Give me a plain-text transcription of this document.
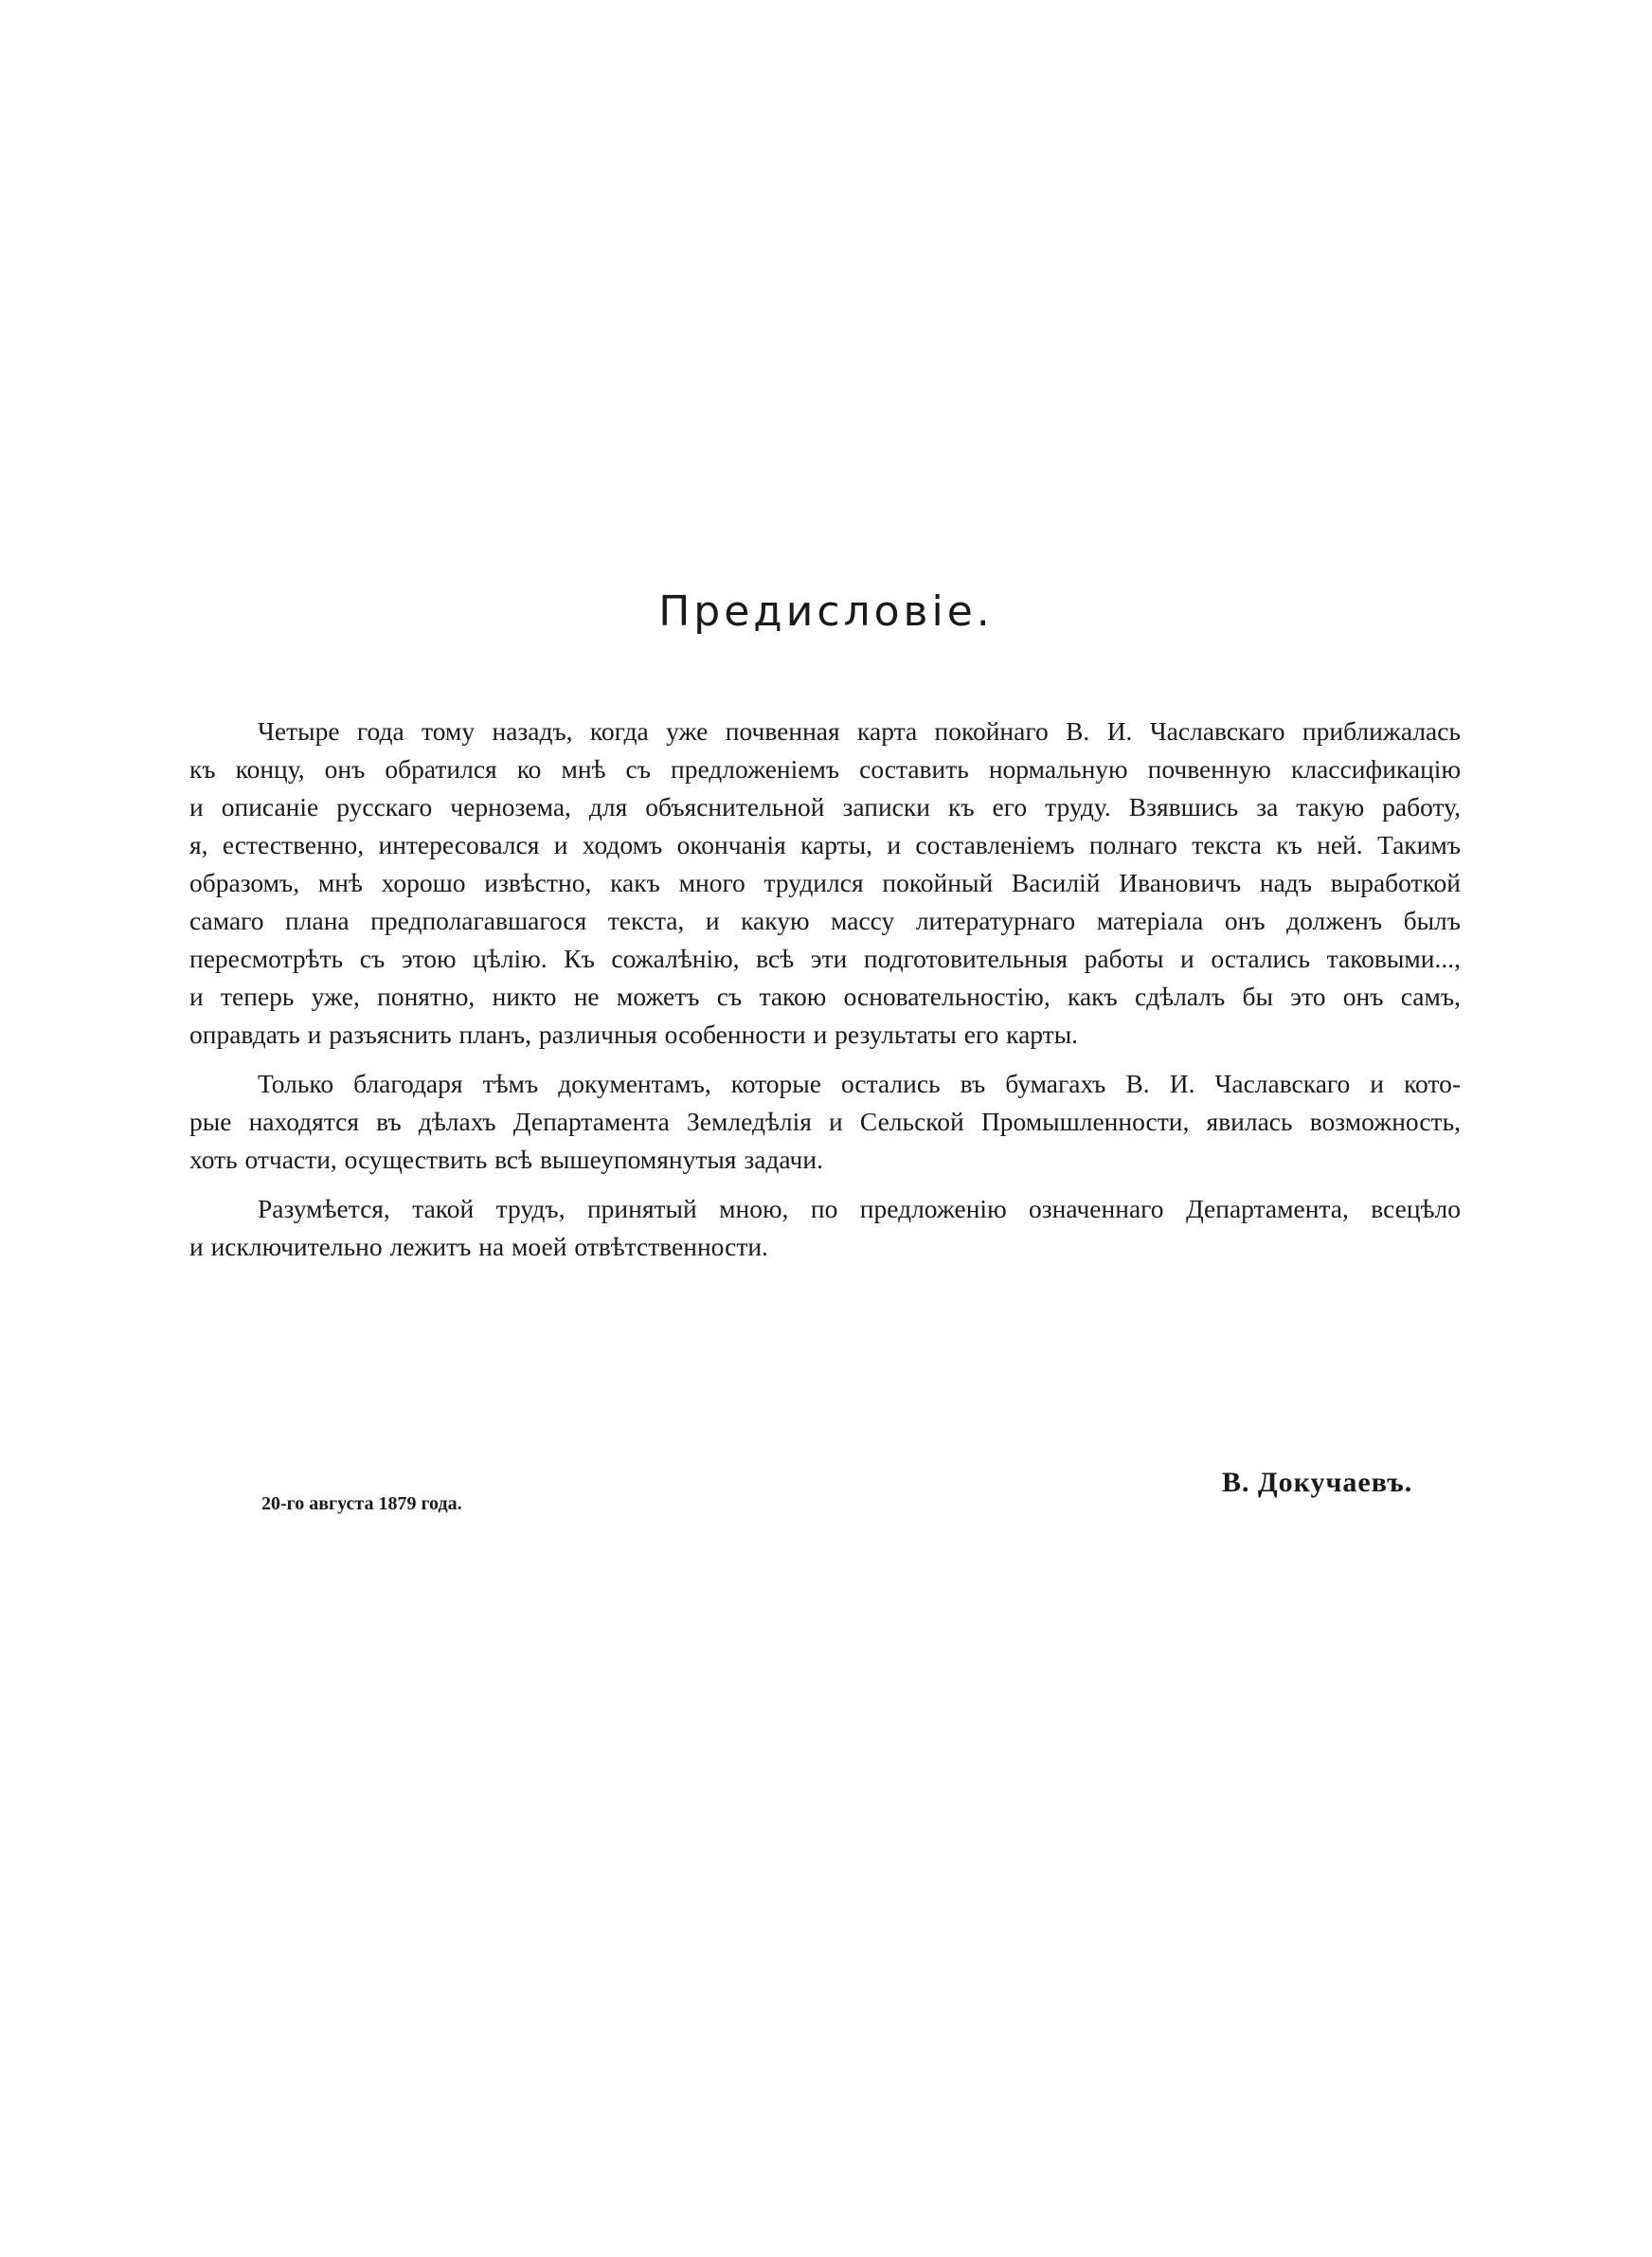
Предисловіе.
Четыре года тому назадъ, когда уже почвенная карта покойнаго В. И. Чаславскаго приближалась
къ концу, онъ обратился ко мнѣ съ предложеніемъ составить нормальную почвенную классификацію
и описаніе русскаго чернозема, для объяснительной записки къ его труду. Взявшись за такую работу,
я, естественно, интересовался и ходомъ окончанія карты, и составленіемъ полнаго текста къ ней. Такимъ
образомъ, мнѣ хорошо извѣстно, какъ много трудился покойный Василій Ивановичъ надъ выработкой
самаго плана предполагавшагося текста, и какую массу литературнаго матеріала онъ долженъ былъ
пересмотрѣть съ этою цѣлію. Къ сожалѣнію, всѣ эти подготовительныя работы и остались таковыми...,
и теперь уже, понятно, никто не можетъ съ такою основательностію, какъ сдѣлалъ бы это онъ самъ,
оправдать и разъяснить планъ, различныя особенности и результаты его карты.
Только благодаря тѣмъ документамъ, которые остались въ бумагахъ В. И. Чаславскаго и кото-
рые находятся въ дѣлахъ Департамента Земледѣлія и Сельской Промышленности, явилась возможность,
хоть отчасти, осуществить всѣ вышеупомянутыя задачи.
Разумѣется, такой трудъ, принятый мною, по предложенію означеннаго Департамента, всецѣло
и исключительно лежитъ на моей отвѣтственности.

20-го августа 1879 года.

В. Докучаевъ.
